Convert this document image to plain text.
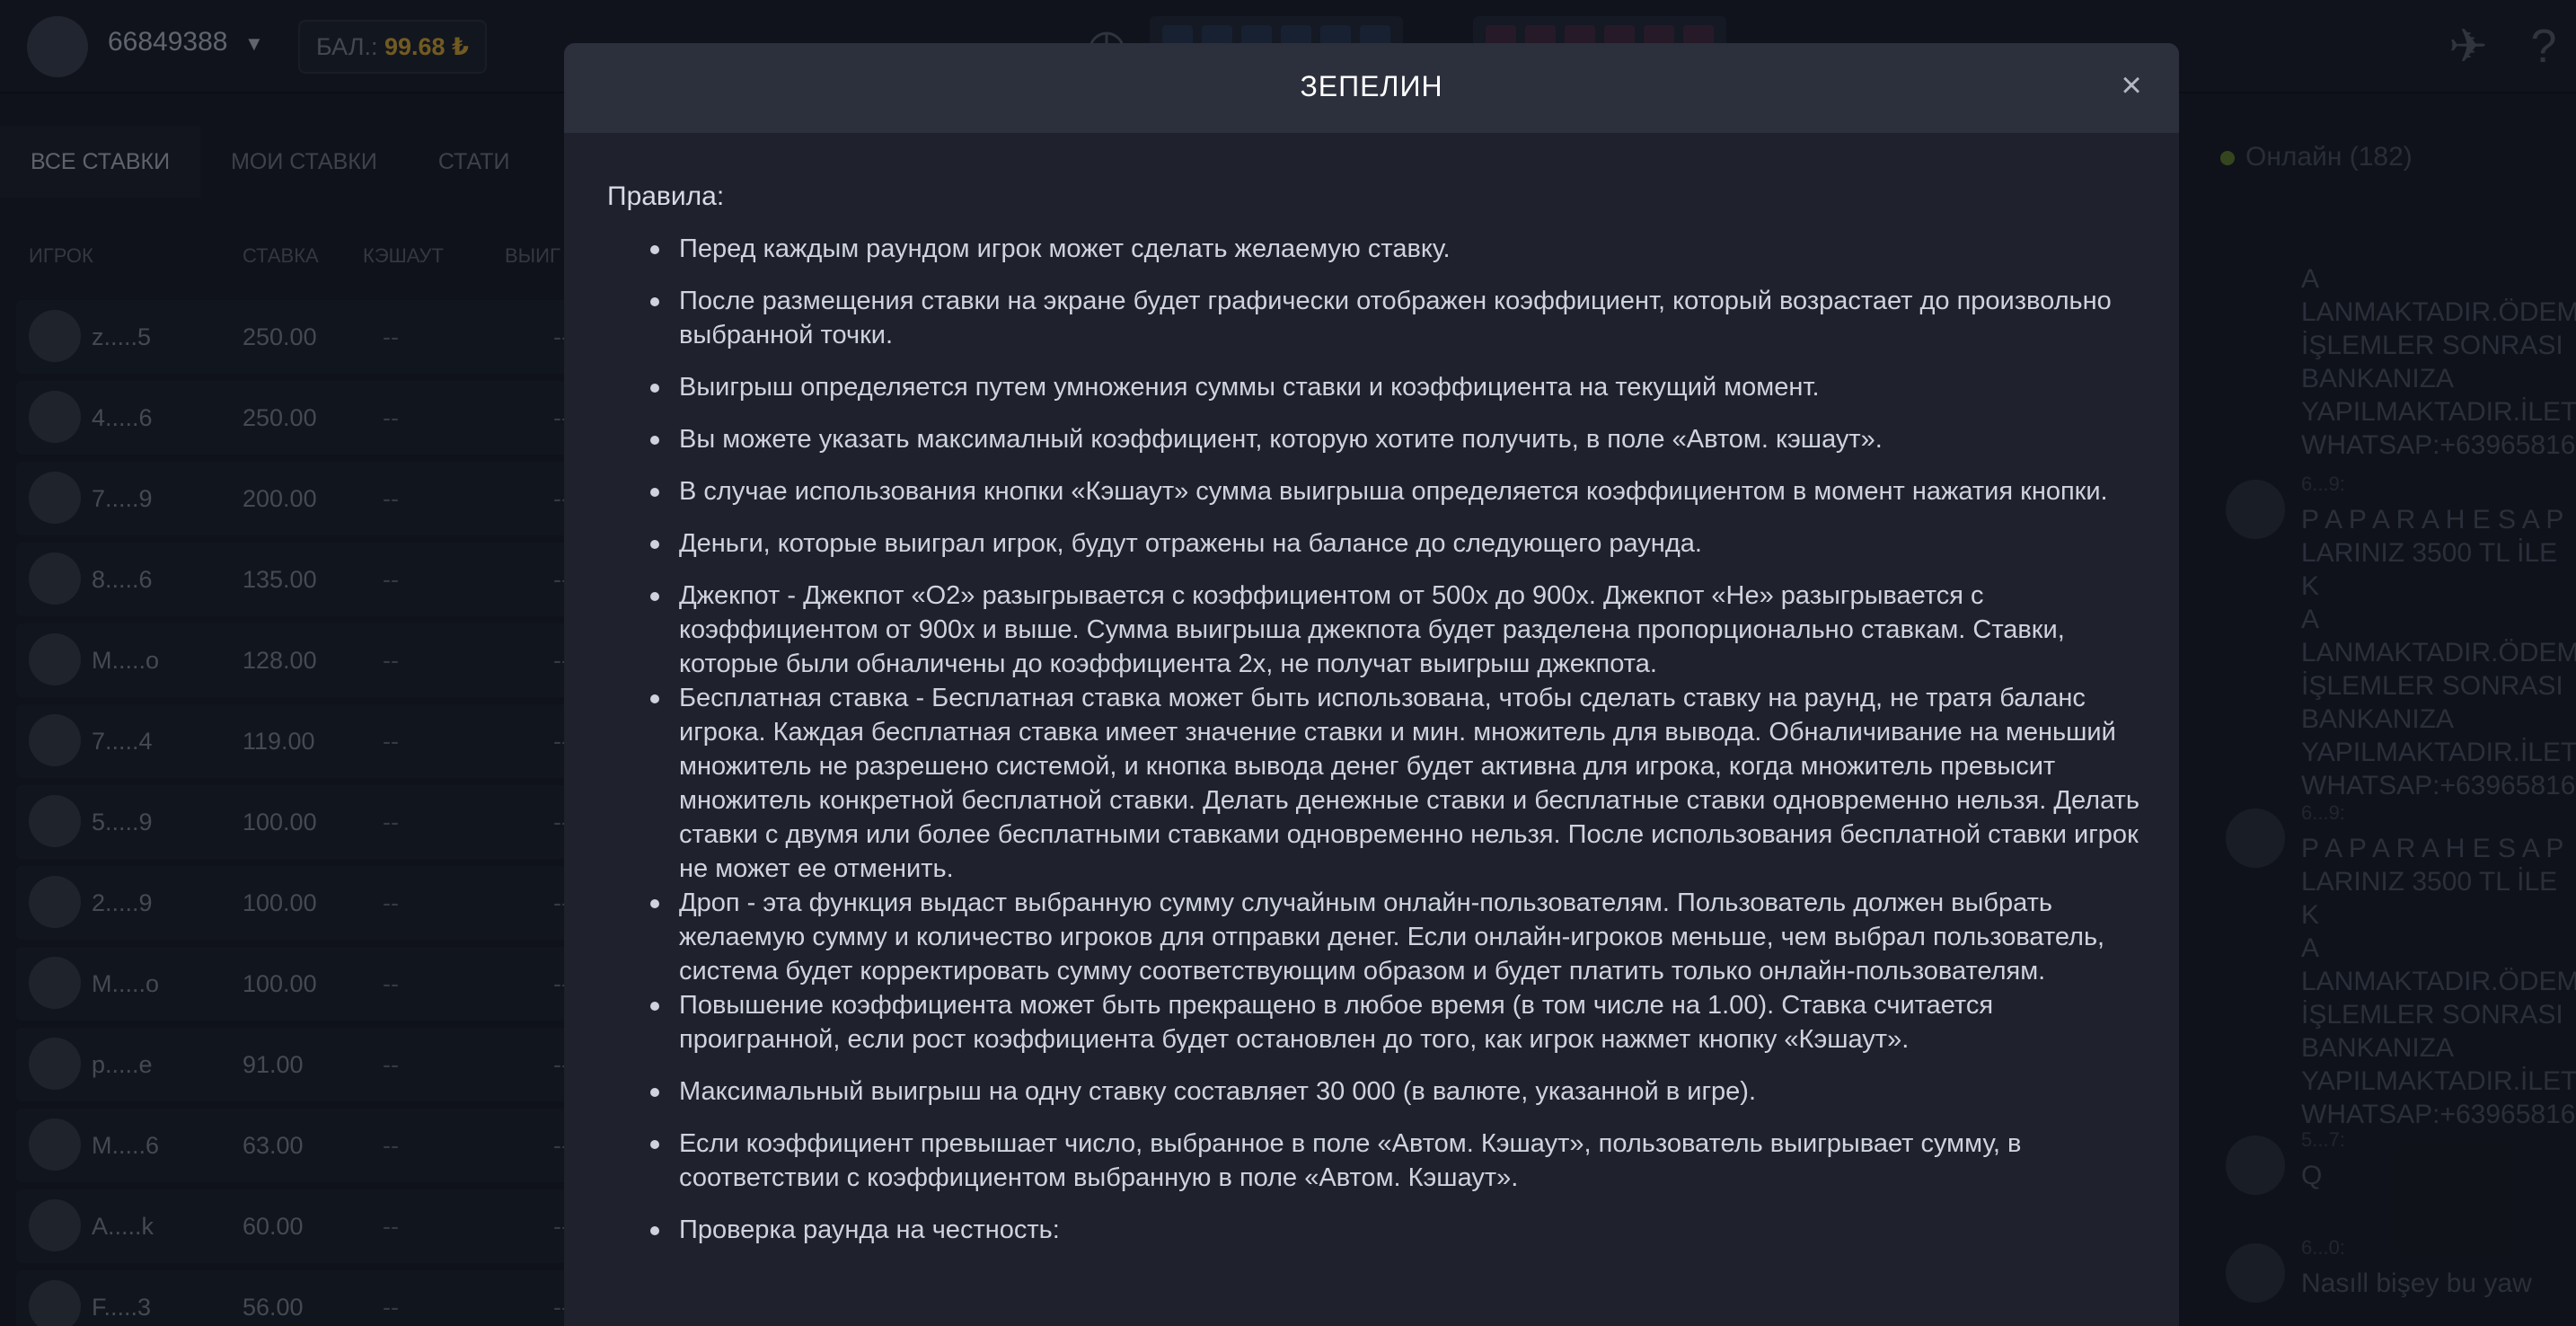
ЗЕПЕЛИН	×
Правила:
Перед каждым раундом игрок может сделать желаемую ставку.
После размещения ставки на экране будет графически отображен коэффициент, который возрастает до произвольно выбранной точки.
Выигрыш определяется путем умножения суммы ставки и коэффициента на текущий момент.
Вы можете указать максималный коэффициент, которую хотите получить, в поле «Автом. кэшаут».
В случае использования кнопки «Кэшаут» сумма выигрыша определяется коэффициентом в момент нажатия кнопки.
Деньги, которые выиграл игрок, будут отражены на балансе до следующего раунда.
Джекпот - Джекпот «O2» разыгрывается с коэффициентом от 500x до 900x. Джекпот «He» разыгрывается с коэффициентом от 900x и выше. Сумма выигрыша джекпота будет разделена пропорционально ставкам. Ставки, которые были обналичены до коэффициента 2x, не получат выигрыш джекпота.
Бесплатная ставка - Бесплатная ставка может быть использована, чтобы сделать ставку на раунд, не тратя баланс игрока. Каждая бесплатная ставка имеет значение ставки и мин. множитель для вывода. Обналичивание на меньший множитель не разрешено системой, и кнопка вывода денег будет активна для игрока, когда множитель превысит множитель конкретной бесплатной ставки. Делать денежные ставки и бесплатные ставки одновременно нельзя. Делать ставки с двумя или более бесплатными ставками одновременно нельзя. После использования бесплатной ставки игрок не может ее отменить.
Дроп - эта функция выдаст выбранную сумму случайным онлайн-пользователям. Пользователь должен выбрать желаемую сумму и количество игроков для отправки денег. Если онлайн-игроков меньше, чем выбрал пользователь, система будет корректировать сумму соответствующим образом и будет платить только онлайн-пользователям.
Повышение коэффициента может быть прекращено в любое время (в том числе на 1.00). Ставка считается проигранной, если рост коэффициента будет остановлен до того, как игрок нажмет кнопку «Кэшаут».
Максимальный выигрыш на одну ставку составляет 30 000 (в валюте, указанной в игре).
Если коэффициент превышает число, выбранное в поле «Автом. Кэшаут», пользователь выигрывает сумму, в соответствии с коэффициентом выбранную в поле «Автом. Кэшаут».
Проверка раунда на честность:
